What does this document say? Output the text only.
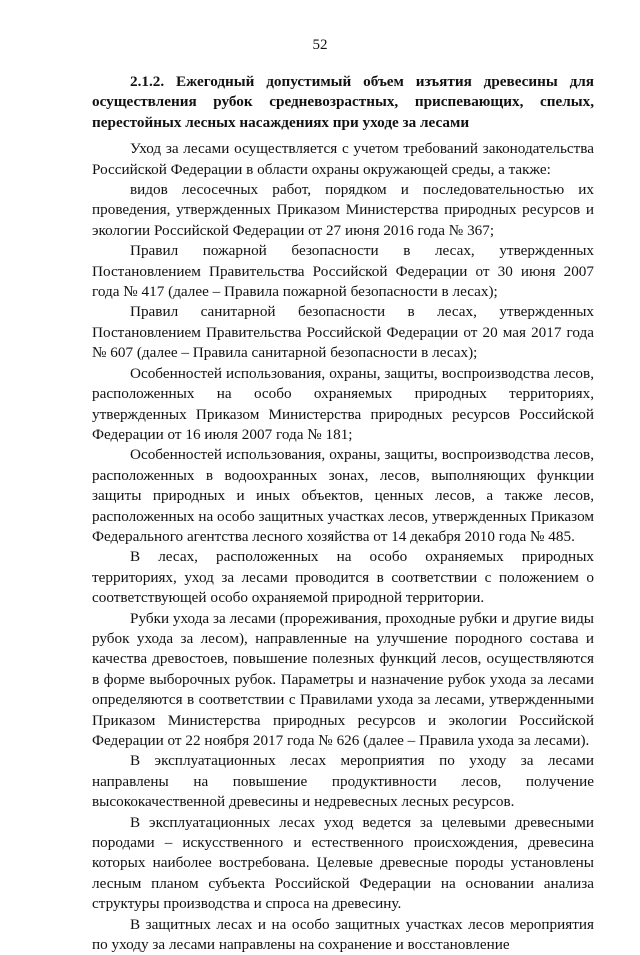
52

2.1.2. Ежегодный допустимый объем изъятия древесины для осуществления рубок средневозрастных, приспевающих, спелых, перестойных лесных насаждениях при уходе за лесами

Уход за лесами осуществляется с учетом требований законодательства Российской Федерации в области охраны окружающей среды, а также:

видов лесосечных работ, порядком и последовательностью их проведения, утвержденных Приказом Министерства природных ресурсов и экологии Российской Федерации от 27 июня 2016 года № 367;

Правил пожарной безопасности в лесах, утвержденных Постановлением Правительства Российской Федерации от 30 июня 2007 года № 417 (далее – Правила пожарной безопасности в лесах);

Правил санитарной безопасности в лесах, утвержденных Постановлением Правительства Российской Федерации от 20 мая 2017 года № 607 (далее – Правила санитарной безопасности в лесах);

Особенностей использования, охраны, защиты, воспроизводства лесов, расположенных на особо охраняемых природных территориях, утвержденных Приказом Министерства природных ресурсов Российской Федерации от 16 июля 2007 года № 181;

Особенностей использования, охраны, защиты, воспроизводства лесов, расположенных в водоохранных зонах, лесов, выполняющих функции защиты природных и иных объектов, ценных лесов, а также лесов, расположенных на особо защитных участках лесов, утвержденных Приказом Федерального агентства лесного хозяйства от 14 декабря 2010 года № 485.

В лесах, расположенных на особо охраняемых природных территориях, уход за лесами проводится в соответствии с положением о соответствующей особо охраняемой природной территории.

Рубки ухода за лесами (прореживания, проходные рубки и другие виды рубок ухода за лесом), направленные на улучшение породного состава и качества древостоев, повышение полезных функций лесов, осуществляются в форме выборочных рубок. Параметры и назначение рубок ухода за лесами определяются в соответствии с Правилами ухода за лесами, утвержденными Приказом Министерства природных ресурсов и экологии Российской Федерации от 22 ноября 2017 года № 626 (далее – Правила ухода за лесами).

В эксплуатационных лесах мероприятия по уходу за лесами направлены на повышение продуктивности лесов, получение высококачественной древесины и недревесных лесных ресурсов.

В эксплуатационных лесах уход ведется за целевыми древесными породами – искусственного и естественного происхождения, древесина которых наиболее востребована. Целевые древесные породы установлены лесным планом субъекта Российской Федерации на основании анализа структуры производства и спроса на древесину.

В защитных лесах и на особо защитных участках лесов мероприятия по уходу за лесами направлены на сохранение и восстановление
